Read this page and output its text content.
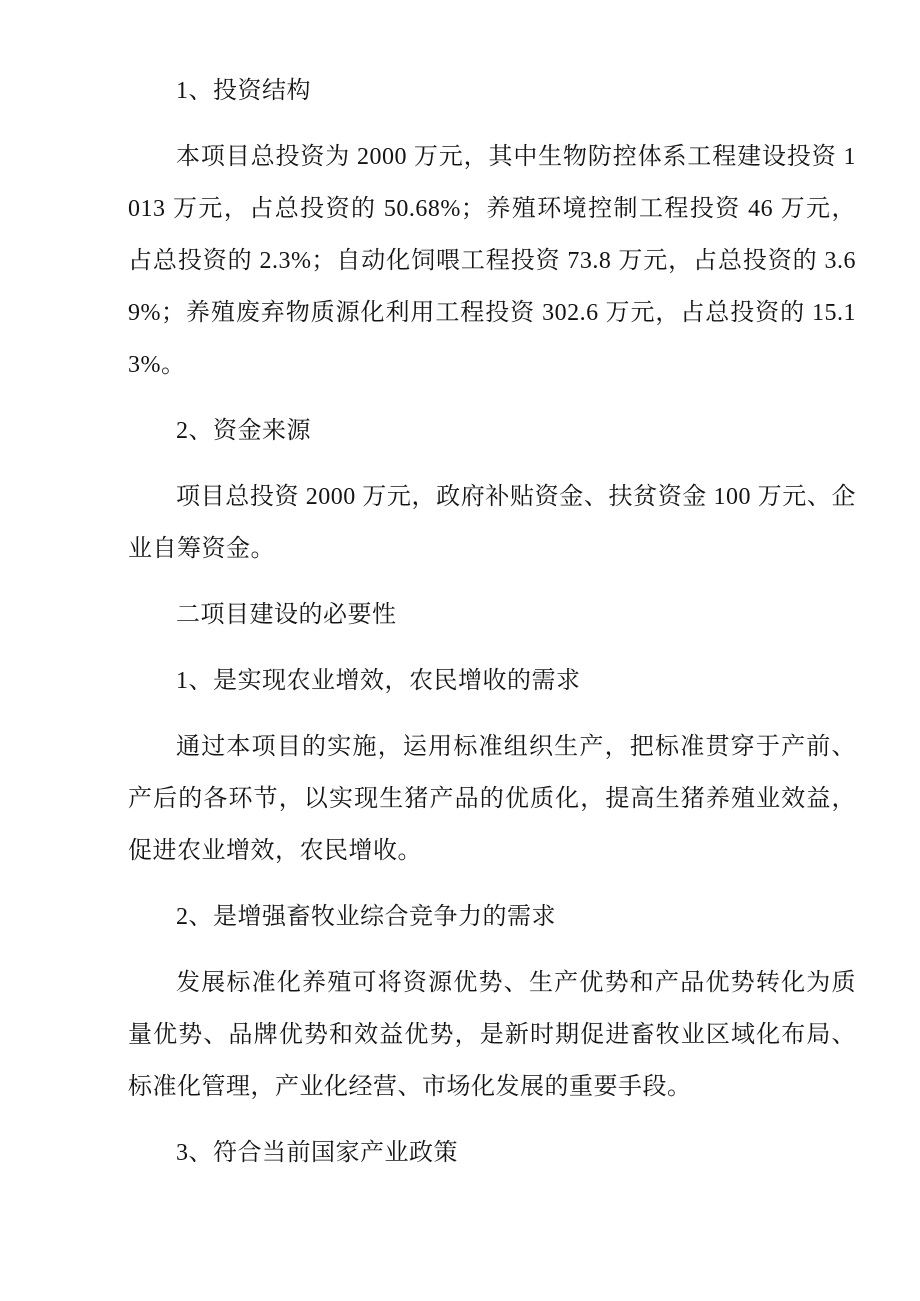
1、投资结构

本项目总投资为 2000 万元，其中生物防控体系工程建设投资 1013 万元，占总投资的 50.68%；养殖环境控制工程投资 46 万元，占总投资的 2.3%；自动化饲喂工程投资 73.8 万元，占总投资的 3.69%；养殖废弃物质源化利用工程投资 302.6 万元，占总投资的 15.13%。

2、资金来源

项目总投资 2000 万元，政府补贴资金、扶贫资金 100 万元、企业自筹资金。

二项目建设的必要性

1、是实现农业增效，农民增收的需求

通过本项目的实施，运用标准组织生产，把标准贯穿于产前、产后的各环节，以实现生猪产品的优质化，提高生猪养殖业效益，促进农业增效，农民增收。

2、是增强畜牧业综合竞争力的需求

发展标准化养殖可将资源优势、生产优势和产品优势转化为质量优势、品牌优势和效益优势，是新时期促进畜牧业区域化布局、标准化管理，产业化经营、市场化发展的重要手段。

3、符合当前国家产业政策
